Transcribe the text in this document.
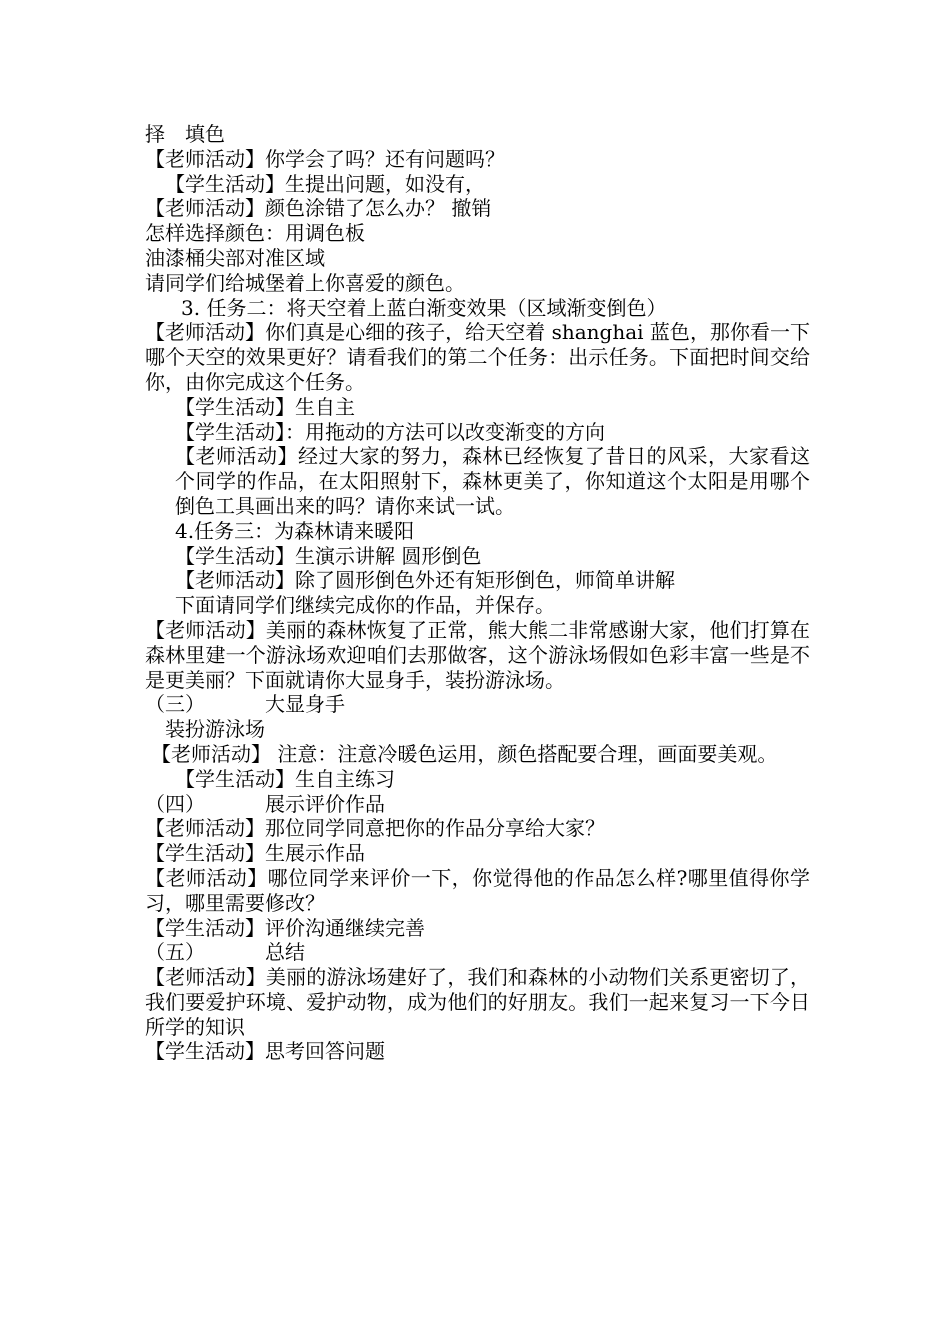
择　填色
【老师活动】你学会了吗？还有问题吗？
【学生活动】生提出问题，如没有，
【老师活动】颜色涂错了怎么办？ 撤销
怎样选择颜色：用调色板
油漆桶尖部对准区域
请同学们给城堡着上你喜爱的颜色。
3. 任务二：将天空着上蓝白渐变效果（区域渐变倒色）
【老师活动】你们真是心细的孩子，给天空着 shanghai 蓝色，那你看一下哪个天空的效果更好？请看我们的第二个任务：出示任务。下面把时间交给你，由你完成这个任务。
【学生活动】生自主
【学生活动】：用拖动的方法可以改变渐变的方向
【老师活动】经过大家的努力，森林已经恢复了昔日的风采，大家看这个同学的作品，在太阳照射下，森林更美了，你知道这个太阳是用哪个倒色工具画出来的吗？请你来试一试。
4.任务三：为森林请来暖阳
【学生活动】生演示讲解 圆形倒色
【老师活动】除了圆形倒色外还有矩形倒色，师简单讲解
下面请同学们继续完成你的作品，并保存。
【老师活动】美丽的森林恢复了正常，熊大熊二非常感谢大家，他们打算在森林里建一个游泳场欢迎咱们去那做客，这个游泳场假如色彩丰富一些是不是更美丽？下面就请你大显身手，装扮游泳场。
（三）	大显身手
装扮游泳场
【老师活动】 注意：注意冷暖色运用，颜色搭配要合理，画面要美观。
【学生活动】生自主练习
（四）	展示评价作品
【老师活动】那位同学同意把你的作品分享给大家？
【学生活动】生展示作品
【老师活动】哪位同学来评价一下，你觉得他的作品怎么样?哪里值得你学习，哪里需要修改？
【学生活动】评价沟通继续完善
（五）	总结
【老师活动】美丽的游泳场建好了，我们和森林的小动物们关系更密切了，我们要爱护环境、爱护动物，成为他们的好朋友。我们一起来复习一下今日所学的知识
【学生活动】思考回答问题
